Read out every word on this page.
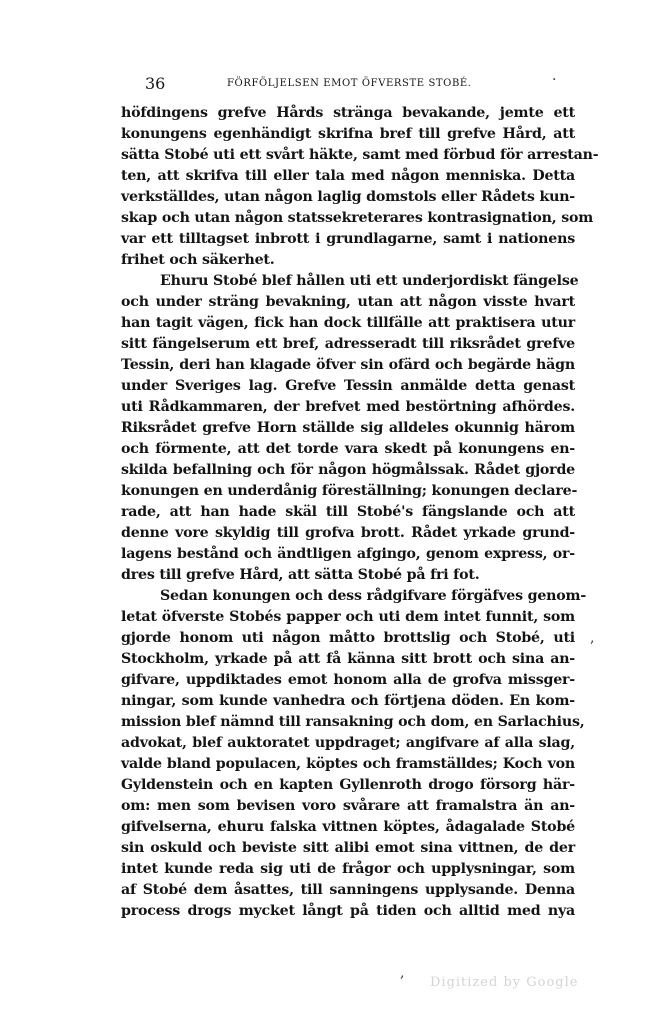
36	FÖRFÖLJELSEN EMOT ÖFVERSTE STOBÉ.
höfdingens grefve Hårds stränga bevakande, jemte ett
konungens egenhändigt skrifna bref till grefve Hård, att
sätta Stobé uti ett svårt häkte, samt med förbud för arrestan-
ten, att skrifva till eller tala med någon menniska. Detta
verkställdes, utan någon laglig domstols eller Rådets kun-
skap och utan någon statssekreterares kontrasignation, som
var ett tilltagset inbrott i grundlagarne, samt i nationens
frihet och säkerhet.
Ehuru Stobé blef hållen uti ett underjordiskt fängelse
och under sträng bevakning, utan att någon visste hvart
han tagit vägen, fick han dock tillfälle att praktisera utur
sitt fängelserum ett bref, adresseradt till riksrådet grefve
Tessin, deri han klagade öfver sin ofärd och begärde hägn
under Sveriges lag. Grefve Tessin anmälde detta genast
uti Rådkammaren, der brefvet med bestörtning afhördes.
Riksrådet grefve Horn ställde sig alldeles okunnig härom
och förmente, att det torde vara skedt på konungens en-
skilda befallning och för någon högmålssak. Rådet gjorde
konungen en underdånig föreställning; konungen declare-
rade, att han hade skäl till Stobé's fängslande och att
denne vore skyldig till grofva brott. Rådet yrkade grund-
lagens bestånd och ändtligen afgingo, genom express, or-
dres till grefve Hård, att sätta Stobé på fri fot.
Sedan konungen och dess rådgifvare förgäfves genom-
letat öfverste Stobés papper och uti dem intet funnit, som
gjorde honom uti någon måtto brottslig och Stobé, uti
Stockholm, yrkade på att få känna sitt brott och sina an-
gifvare, uppdiktades emot honom alla de grofva missger-
ningar, som kunde vanhedra och förtjena döden. En kom-
mission blef nämnd till ransakning och dom, en Sarlachius,
advokat, blef auktoratet uppdraget; angifvare af alla slag,
valde bland populacen, köptes och framställdes; Koch von
Gyldenstein och en kapten Gyllenroth drogo försorg här-
om: men som bevisen voro svårare att framalstra än an-
gifvelserna, ehuru falska vittnen köptes, ådagalade Stobé
sin oskuld och beviste sitt alibi emot sina vittnen, de der
intet kunde reda sig uti de frågor och upplysningar, som
af Stobé dem åsattes, till sanningens upplysande. Denna
process drogs mycket långt på tiden och alltid med nya
·
,
,
Digitized by Google
